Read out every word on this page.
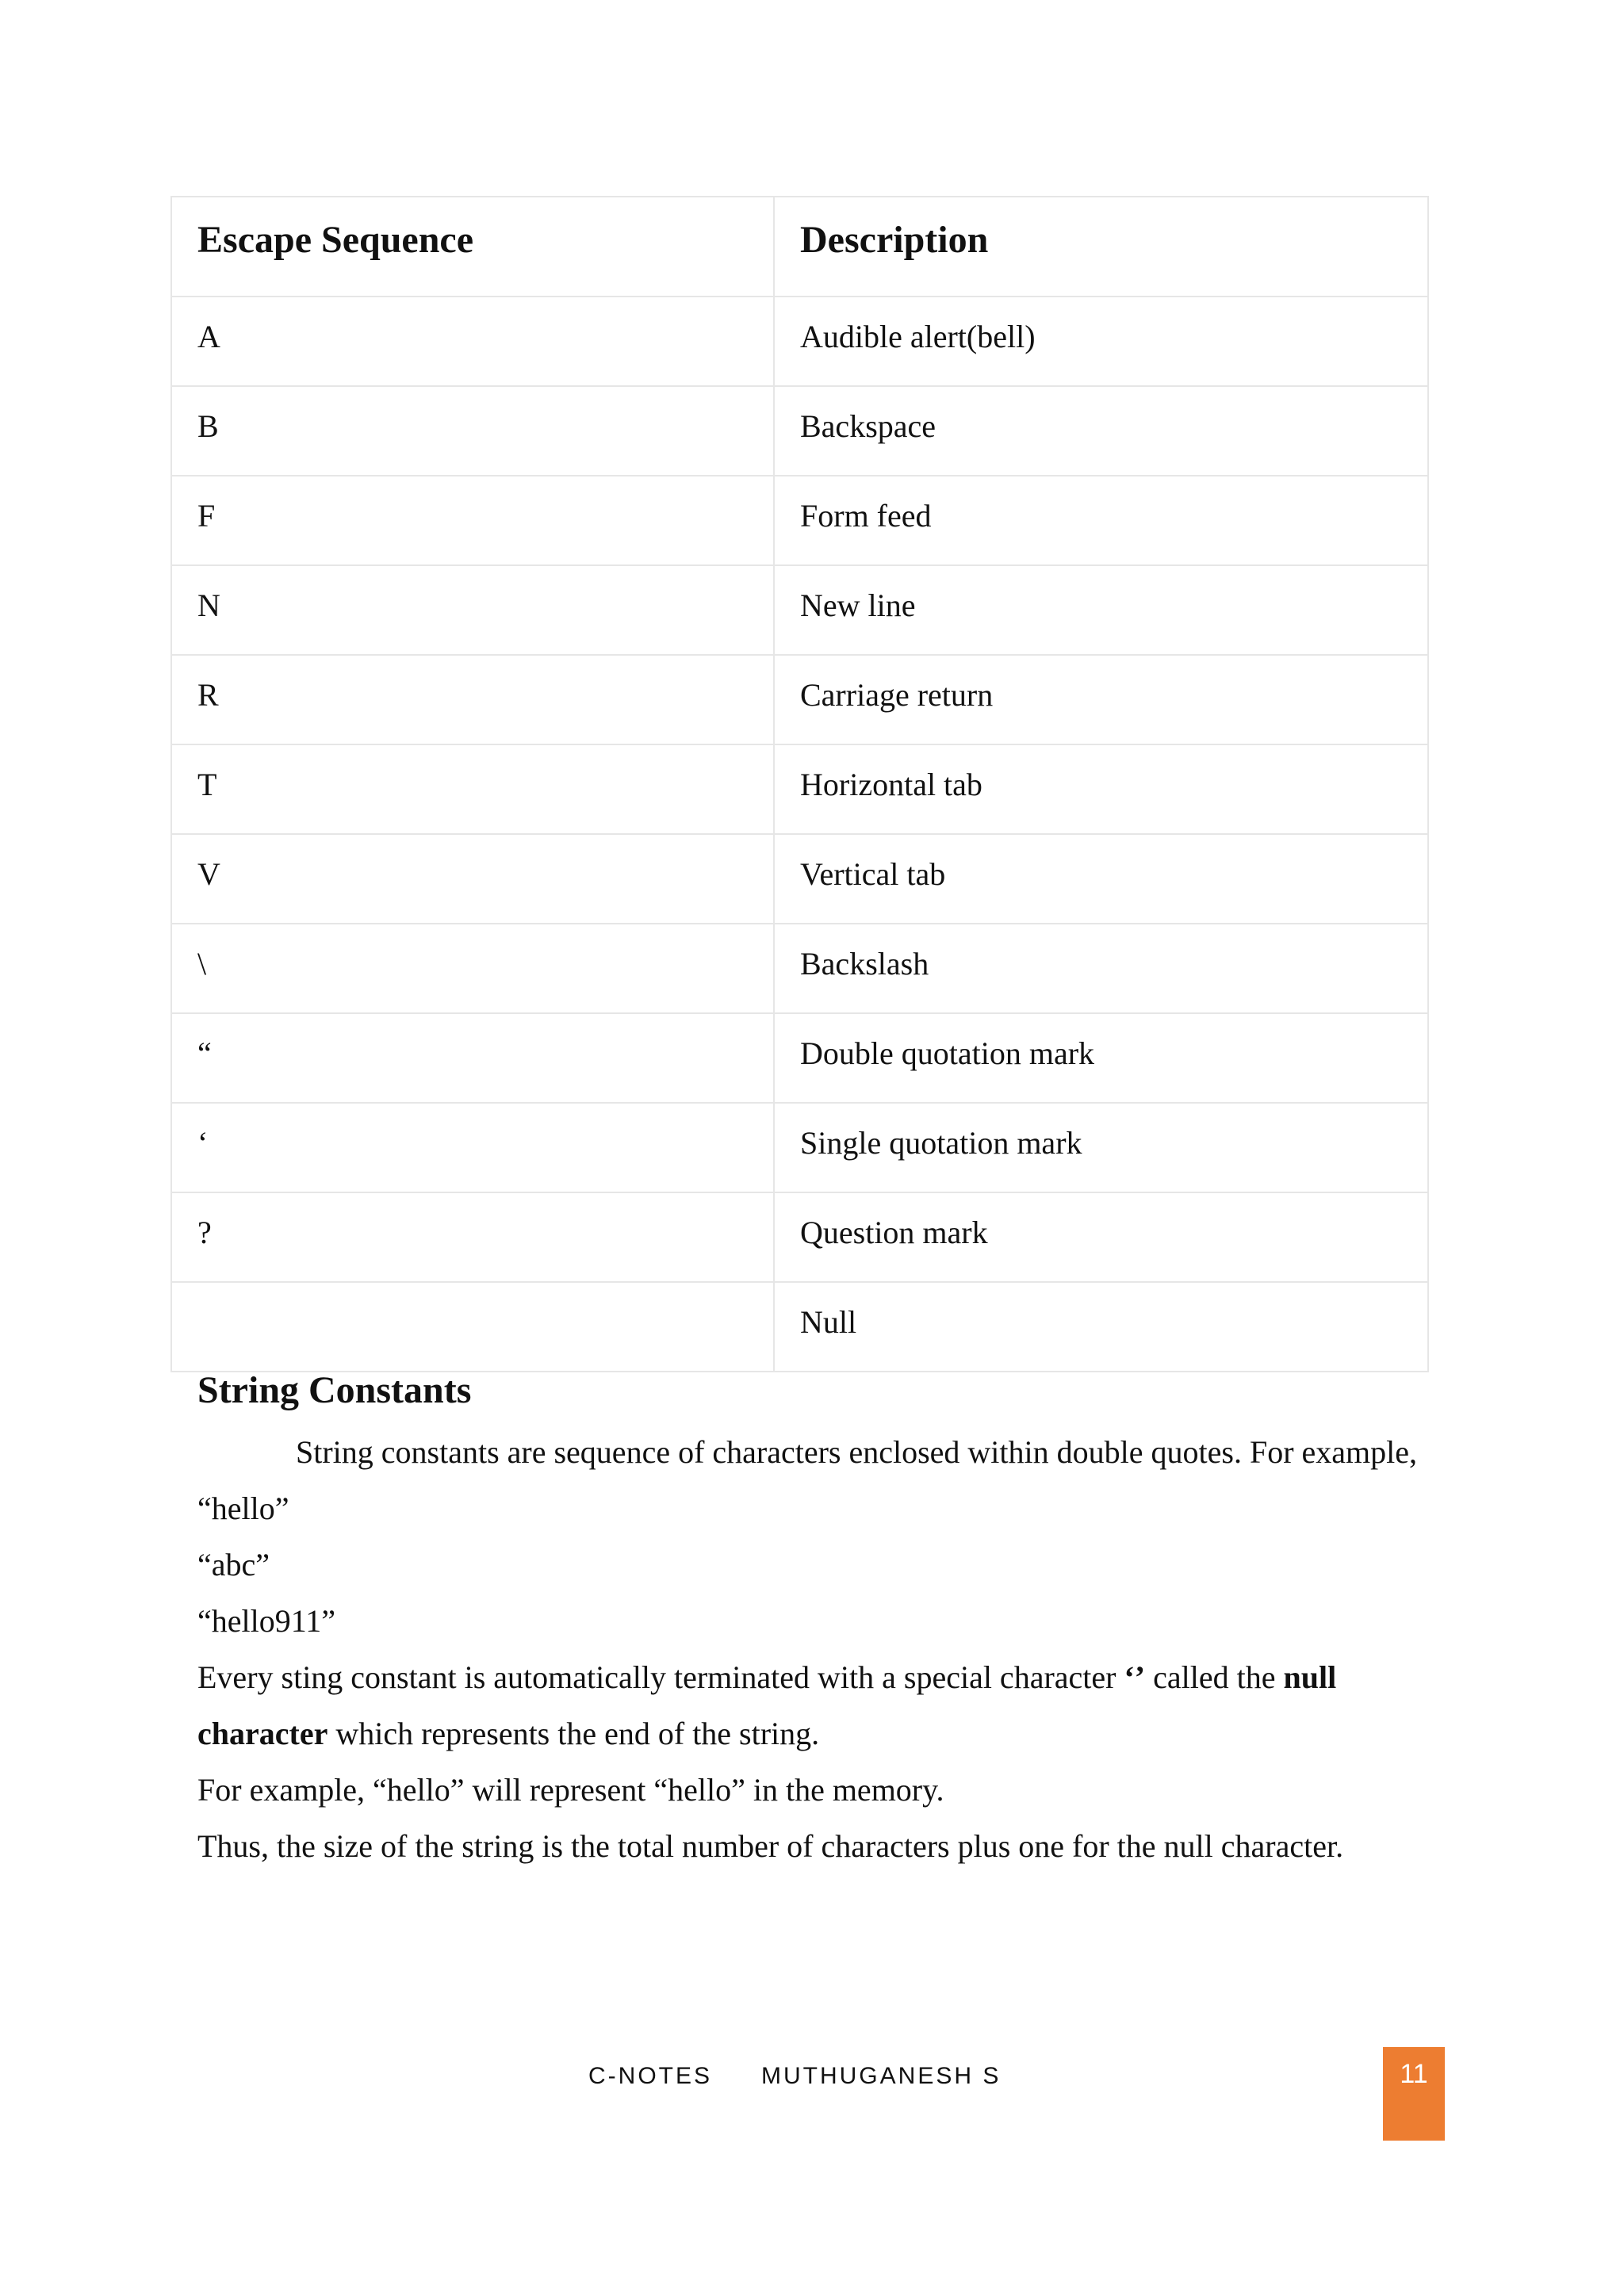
Escape Sequence	Description
A	Audible alert(bell)
B	Backspace
F	Form feed
N	New line
R	Carriage return
T	Horizontal tab
V	Vertical tab
\	Backslash
“	Double quotation mark
‘	Single quotation mark
?	Question mark
	Null
String Constants

String constants are sequence of characters enclosed within double quotes. For example,

“hello”

“abc”

“hello911”

Every sting constant is automatically terminated with a special character ‘’ called the null character which represents the end of the string.

For example, “hello” will represent “hello” in the memory.

Thus, the size of the string is the total number of characters plus one for the null character.

C-NOTES MUTHUGANESH S	11
